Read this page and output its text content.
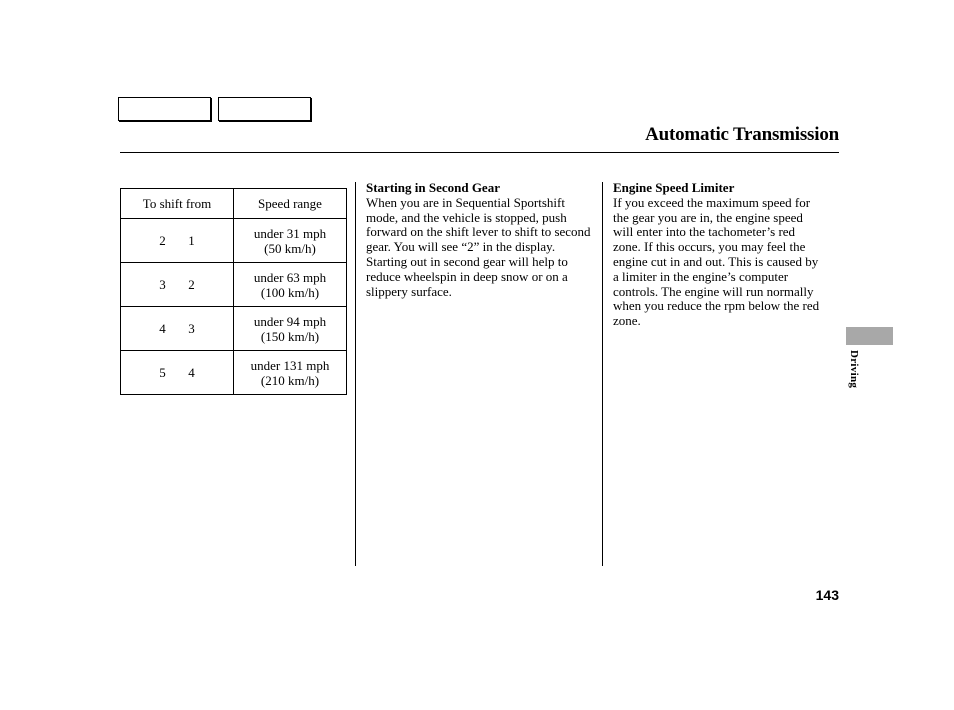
Automatic Transmission
To shift from	Speed range
2 1	under 31 mph
(50 km/h)

3 2	under 63 mph
(100 km/h)

4 3	under 94 mph
(150 km/h)

5 4	under 131 mph
(210 km/h)
Starting in Second Gear

When you are in Sequential Sportshift mode, and the vehicle is stopped, push forward on the shift lever to shift to second gear. You will see “2” in the display. Starting out in second gear will help to reduce wheelspin in deep snow or on a slippery surface.

Engine Speed Limiter

If you exceed the maximum speed for the gear you are in, the engine speed will enter into the tachometer’s red zone. If this occurs, you may feel the engine cut in and out. This is caused by a limiter in the engine’s computer controls. The engine will run normally when you reduce the rpm below the red zone.

Driving
143
